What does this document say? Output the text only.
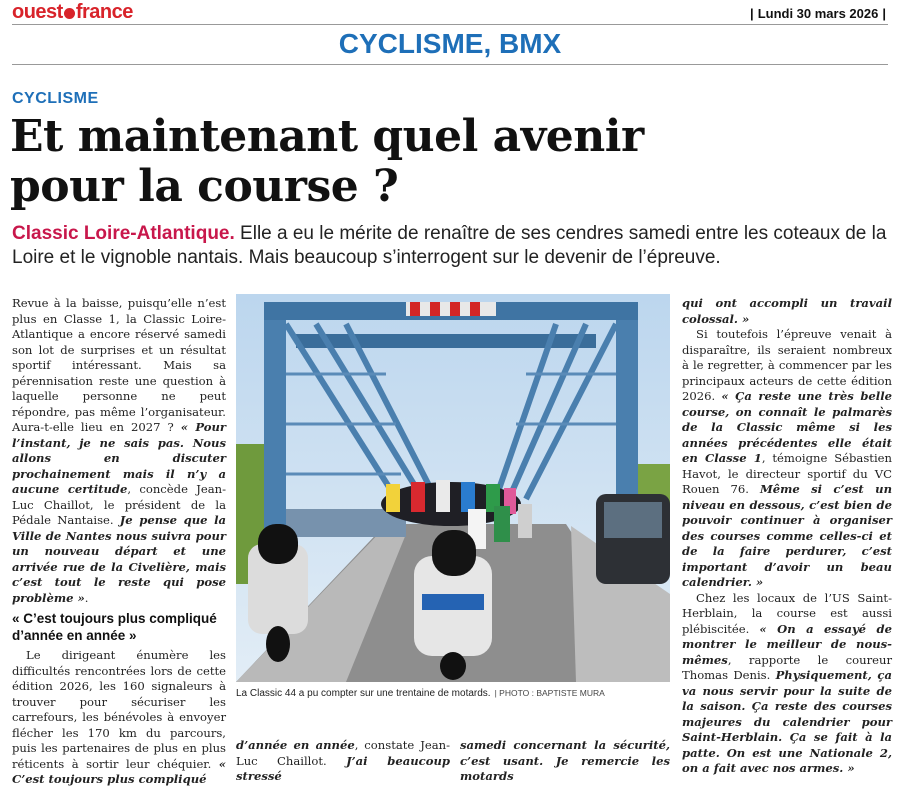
ouest france	| Lundi 30 mars 2026 |
CYCLISME, BMX
CYCLISME
Et maintenant quel avenir
pour la course ?
Classic Loire-Atlantique. Elle a eu le mérite de renaître de ses cendres samedi entre les coteaux de la Loire et le vignoble nantais. Mais beaucoup s’interrogent sur le devenir de l’épreuve.

Revue à la baisse, puisqu’elle n’est plus en Classe 1, la Classic Loire-Atlantique a encore réservé samedi son lot de surprises et un résultat sportif intéressant. Mais sa pérennisation reste une question à laquelle personne ne peut répondre, pas même l’organisateur. Aura-t-elle lieu en 2027 ? « Pour l’instant, je ne sais pas. Nous allons en discuter prochainement mais il n’y a aucune certitude, concède Jean-Luc Chaillot, le président de la Pédale Nantaise. Je pense que la Ville de Nantes nous suivra pour un nouveau départ et une arrivée rue de la Civelière, mais c’est tout le reste qui pose problème ».

« C’est toujours plus compliqué d’année en année »

Le dirigeant énumère les difficultés rencontrées lors de cette édition 2026, les 160 signaleurs à trouver pour sécuriser les carrefours, les bénévoles à envoyer flécher les 170 km du parcours, puis les partenaires de plus en plus réticents à sortir leur chéquier. « C’est toujours plus compliqué

La Classic 44 a pu compter sur une trentaine de motards. | PHOTO : BAPTISTE MURA

d’année en année, constate Jean-Luc Chaillot. J’ai beaucoup stressé

samedi concernant la sécurité, c’est usant. Je remercie les motards

qui ont accompli un travail colossal. »

Si toutefois l’épreuve venait à disparaître, ils seraient nombreux à le regretter, à commencer par les principaux acteurs de cette édition 2026. « Ça reste une très belle course, on connaît le palmarès de la Classic même si les années précédentes elle était en Classe 1, témoigne Sébastien Havot, le directeur sportif du VC Rouen 76. Même si c’est un niveau en dessous, c’est bien de pouvoir continuer à organiser des courses comme celles-ci et de la faire perdurer, c’est important d’avoir un beau calendrier. »

Chez les locaux de l’US Saint-Herblain, la course est aussi plébiscitée. « On a essayé de montrer le meilleur de nous-mêmes, rapporte le coureur Thomas Denis. Physiquement, ça va nous servir pour la suite de la saison. Ça reste des courses majeures du calendrier pour Saint-Herblain. Ça se fait à la patte. On est une Nationale 2, on a fait avec nos armes. »
